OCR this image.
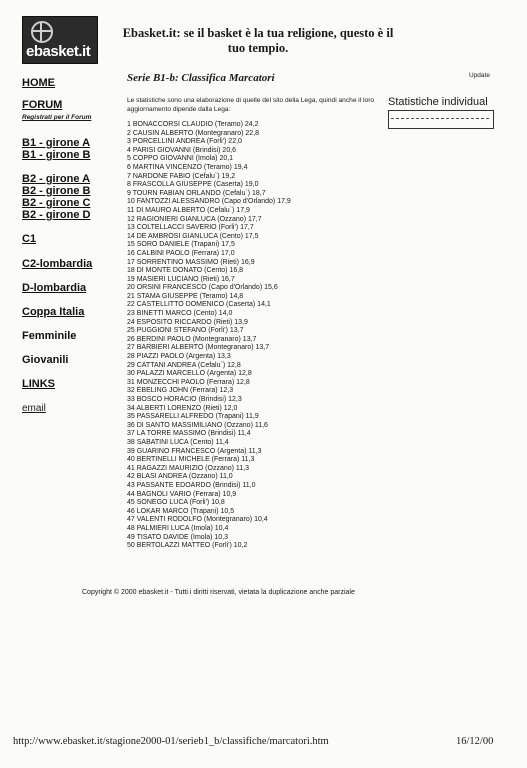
ebasket.it
Ebasket.it: se il basket è la tua religione, questo è il tuo tempio.
HOME
FORUM
Registrati per il Forum
B1 - girone A
B1 - girone B
B2 - girone A
B2 - girone B
B2 - girone C
B2 - girone D
C1
C2-lombardia
D-lombardia
Coppa Italia
Femminile
Giovanili
LINKS
email
Serie B1-b: Classifica Marcatori	Update
Le statistiche sono una elaborazione di quelle del sito della Lega, quindi anche il loro aggiornamento dipende dalla Lega:
1 BONACCORSI CLAUDIO (Teramo) 24,2
2 CAUSIN ALBERTO (Montegranaro) 22,8
3 PORCELLINI ANDREA (Forli') 22,0
4 PARISI GIOVANNI (Brindisi) 20,6
5 COPPO GIOVANNI (Imola) 20,1
6 MARTINA VINCENZO (Teramo) 19,4
7 NARDONE FABIO (Cefalu`) 19,2
8 FRASCOLLA GIUSEPPE (Caserta) 19,0
9 TOURN FABIAN ORLANDO (Cefalu`) 18,7
10 FANTOZZI ALESSANDRO (Capo d'Orlando) 17,9
11 DI MAURO ALBERTO (Cefalu`) 17,9
12 RAGIONIERI GIANLUCA (Ozzano) 17,7
13 COLTELLACCI SAVERIO (Forli') 17,7
14 DE AMBROSI GIANLUCA (Cento) 17,5
15 SORO DANIELE (Trapani) 17,5
16 CALBINI PAOLO (Ferrara) 17,0
17 SORRENTINO MASSIMO (Rieti) 16,9
18 DI MONTE DONATO (Cento) 16,8
19 MASIERI LUCIANO (Rieti) 16,7
20 ORSINI FRANCESCO (Capo d'Orlando) 15,6
21 STAMA GIUSEPPE (Teramo) 14,8
22 CASTELLITTO DOMENICO (Caserta) 14,1
23 BINETTI MARCO (Cento) 14,0
24 ESPOSITO RICCARDO (Rieti) 13,9
25 PUGGIONI STEFANO (Forli') 13,7
26 BERDINI PAOLO (Montegranaro) 13,7
27 BARBIERI ALBERTO (Montegranaro) 13,7
28 PIAZZI PAOLO (Argenta) 13,3
29 CATTANI ANDREA (Cefalu`) 12,8
30 PALAZZI MARCELLO (Argenta) 12,8
31 MONZECCHI PAOLO (Ferrara) 12,8
32 EBELING JOHN (Ferrara) 12,3
33 BOSCO HORACIO (Brindisi) 12,3
34 ALBERTI LORENZO (Rieti) 12,0
35 PASSARELLI ALFREDO (Trapani) 11,9
36 DI SANTO MASSIMILIANO (Ozzano) 11,6
37 LA TORRE MASSIMO (Brindisi) 11,4
38 SABATINI LUCA (Cento) 11,4
39 GUARINO FRANCESCO (Argenta) 11,3
40 BERTINELLI MICHELE (Ferrara) 11,3
41 RAGAZZI MAURIZIO (Ozzano) 11,3
42 BLASI ANDREA (Ozzano) 11,0
43 PASSANTE EDOARDO (Brindisi) 11,0
44 BAGNOLI VARIO (Ferrara) 10,9
45 SONEGO LUCA (Forli') 10,8
46 LOKAR MARCO (Trapani) 10,5
47 VALENTI RODOLFO (Montegranaro) 10,4
48 PALMIERI LUCA (Imola) 10,4
49 TISATO DAVIDE (Imola) 10,3
50 BERTOLAZZI MATTEO (Forli') 10,2
Statistiche individual
Copyright © 2000 ebasket.it - Tutti i diritti riservati, vietata la duplicazione anche parziale
http://www.ebasket.it/stagione2000-01/serieb1_b/classifiche/marcatori.htm	16/12/00
